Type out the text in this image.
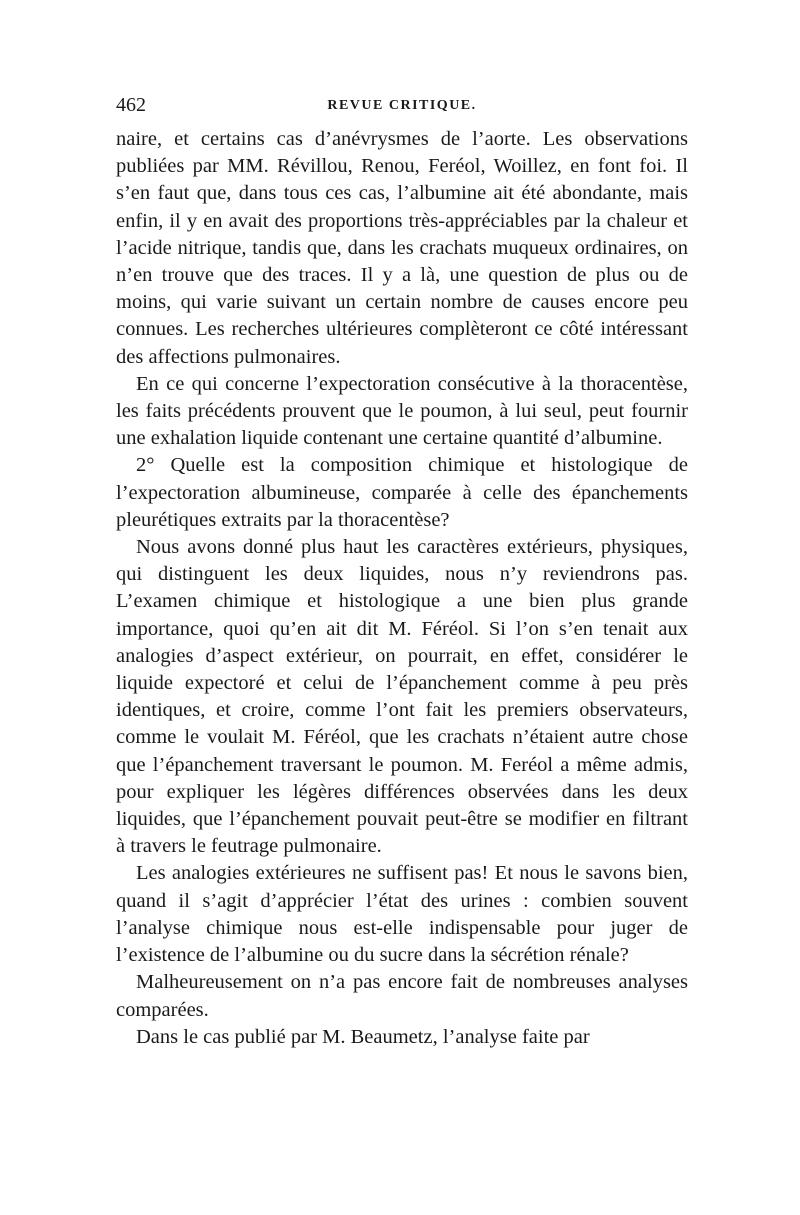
462	REVUE CRITIQUE.

naire, et certains cas d’anévrysmes de l’aorte. Les observations publiées par MM. Révillou, Renou, Feréol, Woillez, en font foi. Il s’en faut que, dans tous ces cas, l’albumine ait été abondante, mais enfin, il y en avait des proportions très-appréciables par la chaleur et l’acide nitrique, tandis que, dans les crachats muqueux ordinaires, on n’en trouve que des traces. Il y a là, une question de plus ou de moins, qui varie suivant un certain nombre de causes encore peu connues. Les recherches ultérieures complèteront ce côté intéressant des affections pulmonaires.

En ce qui concerne l’expectoration consécutive à la thoracentèse, les faits précédents prouvent que le poumon, à lui seul, peut fournir une exhalation liquide contenant une certaine quantité d’albumine.

2° Quelle est la composition chimique et histologique de l’expectoration albumineuse, comparée à celle des épanchements pleurétiques extraits par la thoracentèse?

Nous avons donné plus haut les caractères extérieurs, physiques, qui distinguent les deux liquides, nous n’y reviendrons pas. L’examen chimique et histologique a une bien plus grande importance, quoi qu’en ait dit M. Féréol. Si l’on s’en tenait aux analogies d’aspect extérieur, on pourrait, en effet, considérer le liquide expectoré et celui de l’épanchement comme à peu près identiques, et croire, comme l’ont fait les premiers observateurs, comme le voulait M. Féréol, que les crachats n’étaient autre chose que l’épanchement traversant le poumon. M. Feréol a même admis, pour expliquer les légères différences observées dans les deux liquides, que l’épanchement pouvait peut-être se modifier en filtrant à travers le feutrage pulmonaire.

Les analogies extérieures ne suffisent pas! Et nous le savons bien, quand il s’agit d’apprécier l’état des urines : combien souvent l’analyse chimique nous est-elle indispensable pour juger de l’existence de l’albumine ou du sucre dans la sécrétion rénale?

Malheureusement on n’a pas encore fait de nombreuses analyses comparées.

Dans le cas publié par M. Beaumetz, l’analyse faite par
